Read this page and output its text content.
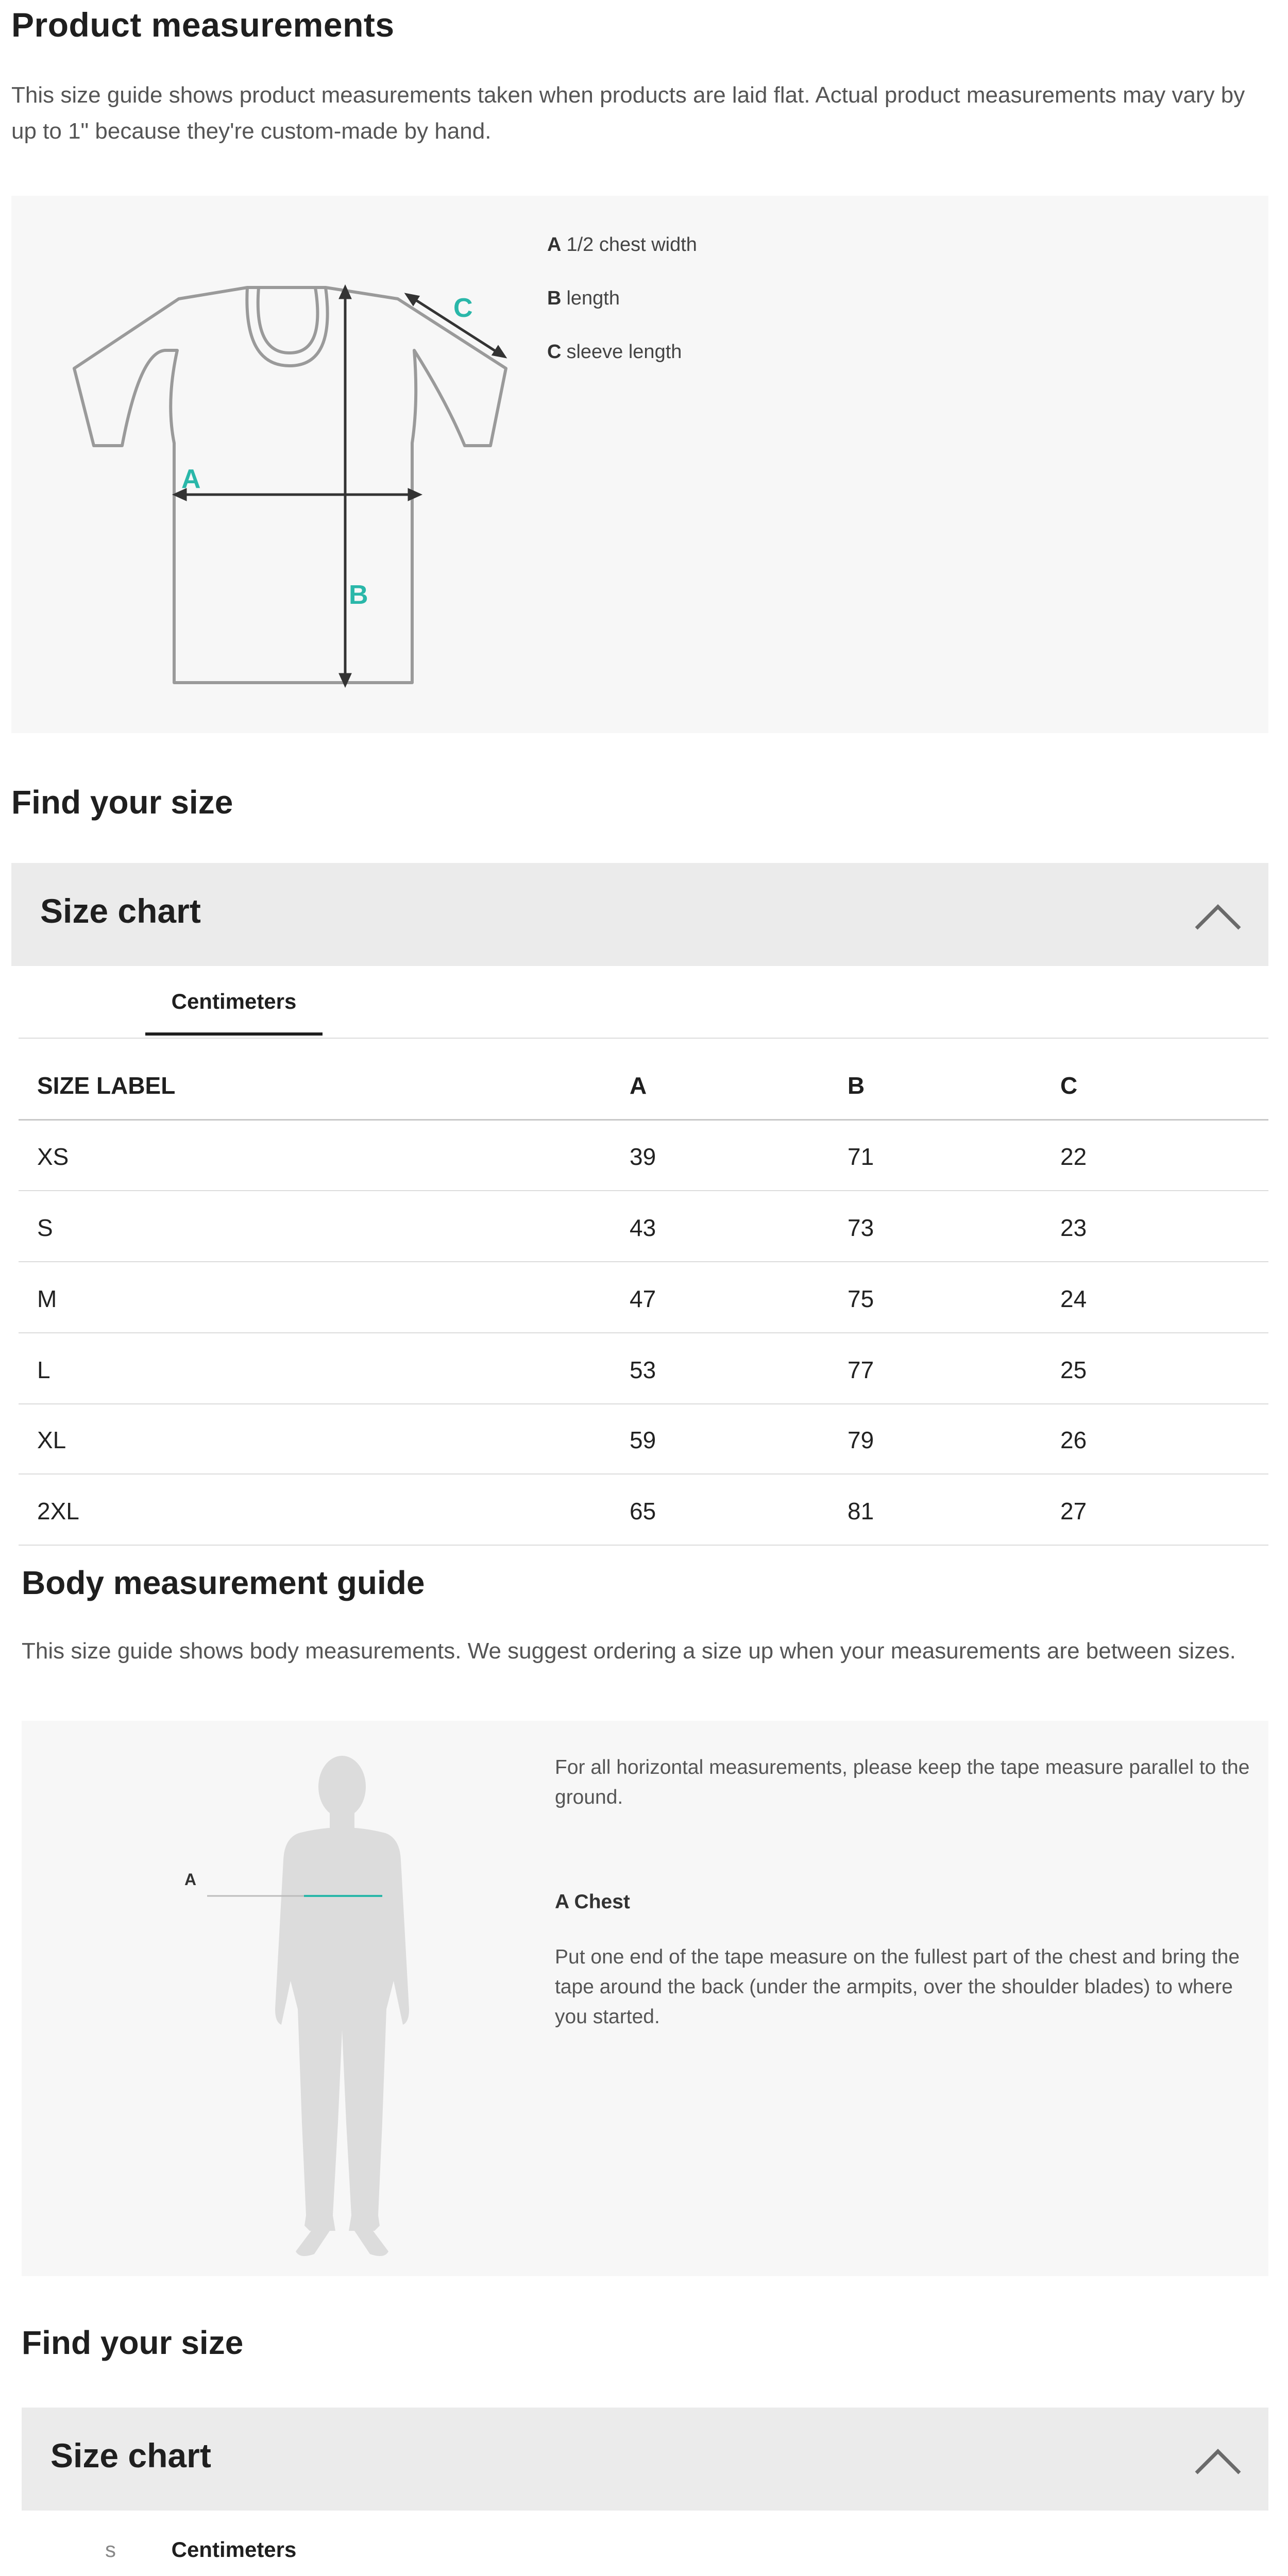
Product measurements

This size guide shows product measurements taken when products are laid flat. Actual product measurements may vary by up to 1" because they're custom-made by hand.

A
B
C
A 1/2 chest width
B length
C sleeve length
Find your size
Size chart
Centimeters
SIZE LABEL	A	B	C
XS	39	71	22
S	43	73	23
M	47	75	24
L	53	77	25
XL	59	79	26
2XL	65	81	27
Body measurement guide

This size guide shows body measurements. We suggest ordering a size up when your measurements are between sizes.

A

For all horizontal measurements, please keep the tape measure parallel to the ground.

A Chest

Put one end of the tape measure on the fullest part of the chest and bring the tape around the back (under the armpits, over the shoulder blades) to where you started.

Find your size
Size chart
s	Centimeters
